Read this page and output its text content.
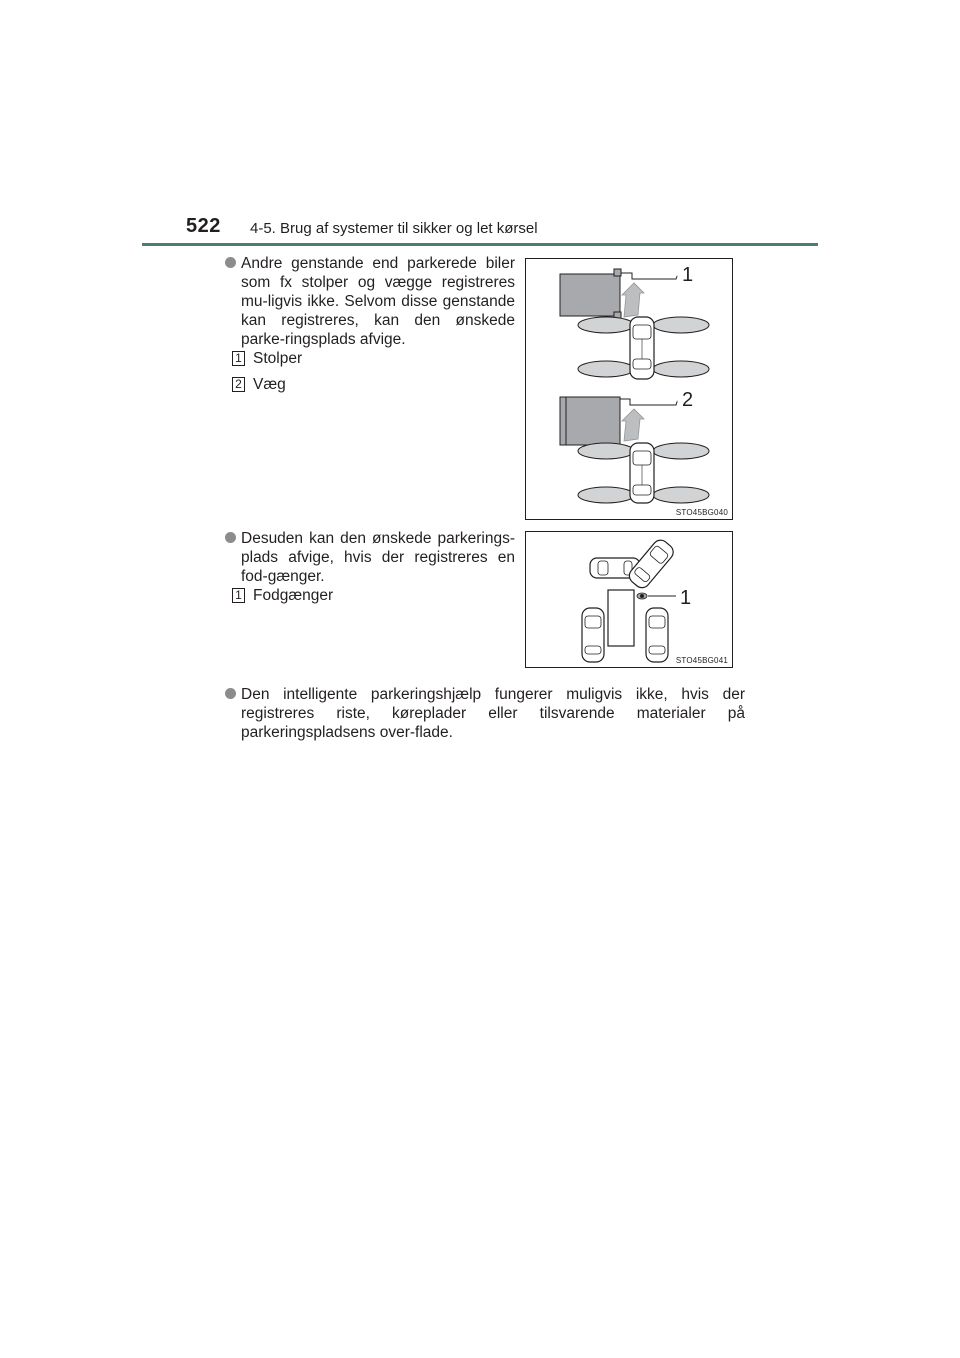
522 4-5. Brug af systemer til sikker og let kørsel
Andre genstande end parkerede biler som fx stolper og vægge registreres mu-ligvis ikke. Selvom disse genstande kan registreres, kan den ønskede parke-ringsplads afvige.
1 Stolper
2 Væg
1
2
STO45BG040
Desuden kan den ønskede parkerings-plads afvige, hvis der registreres en fod-gænger.
1 Fodgænger	1
STO45BG041
Den intelligente parkeringshjælp fungerer muligvis ikke, hvis der registreres riste, køreplader eller tilsvarende materialer på parkeringspladsens over-flade.
